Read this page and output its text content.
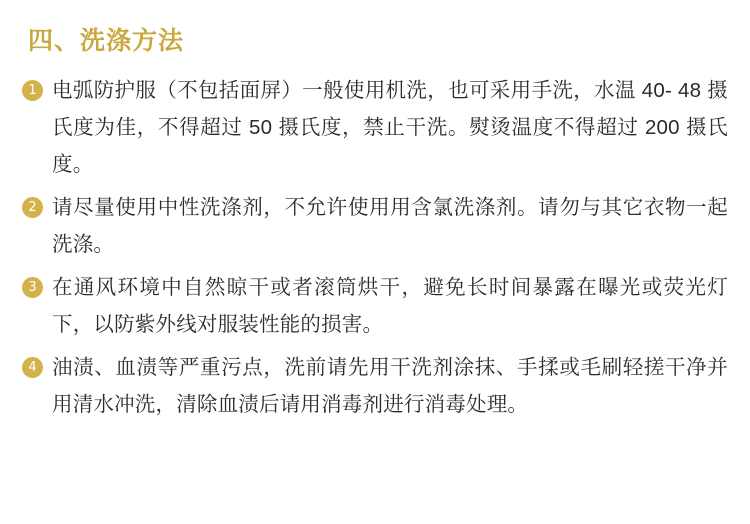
四、洗涤方法
1 电弧防护服（不包括面屏）一般使用机洗，也可采用手洗，水温 40- 48 摄氏度为佳，不得超过 50 摄氏度，禁止干洗。熨烫温度不得超过 200 摄氏度。
2 请尽量使用中性洗涤剂，不允许使用用含氯洗涤剂。请勿与其它衣物一起洗涤。
3 在通风环境中自然晾干或者滚筒烘干，避免长时间暴露在曝光或荧光灯下，以防紫外线对服装性能的损害。
4 油渍、血渍等严重污点，洗前请先用干洗剂涂抹、手揉或毛刷轻搓干净并用清水冲洗，清除血渍后请用消毒剂进行消毒处理。
